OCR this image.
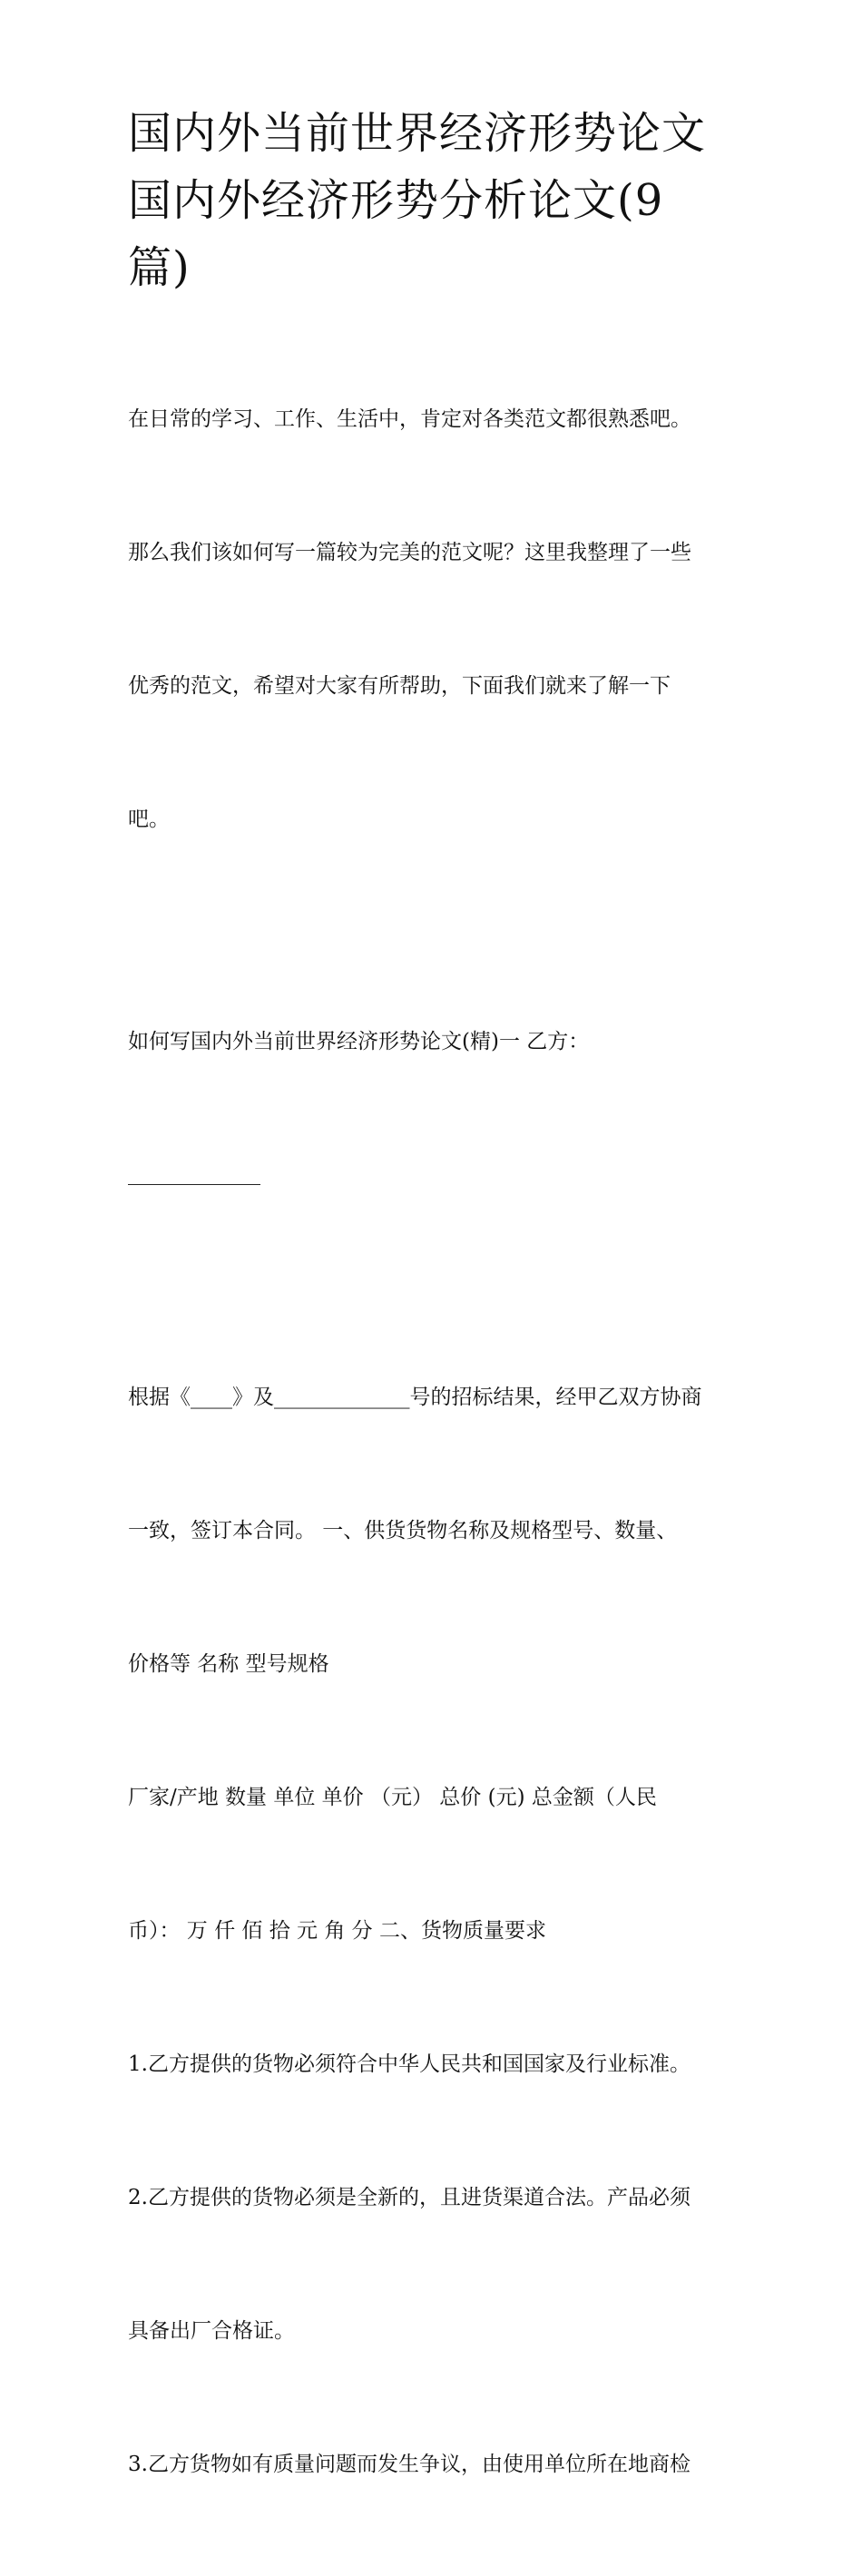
国内外当前世界经济形势论文
国内外经济形势分析论文(9
篇)

在日常的学习、工作、生活中，肯定对各类范文都很熟悉吧。

那么我们该如何写一篇较为完美的范文呢？这里我整理了一些

优秀的范文，希望对大家有所帮助，下面我们就来了解一下

吧。

如何写国内外当前世界经济形势论文(精)一 乙方：

根据《____》及_____________号的招标结果，经甲乙双方协商

一致，签订本合同。 一、供货货物名称及规格型号、数量、

价格等 名称 型号规格

厂家/产地 数量 单位 单价 （元） 总价 (元) 总金额（人民

币）： 万 仟 佰 拾 元 角 分 二、货物质量要求

1.乙方提供的货物必须符合中华人民共和国国家及行业标准。

2.乙方提供的货物必须是全新的，且进货渠道合法。产品必须

具备出厂合格证。

3.乙方货物如有质量问题而发生争议，由使用单位所在地商检
